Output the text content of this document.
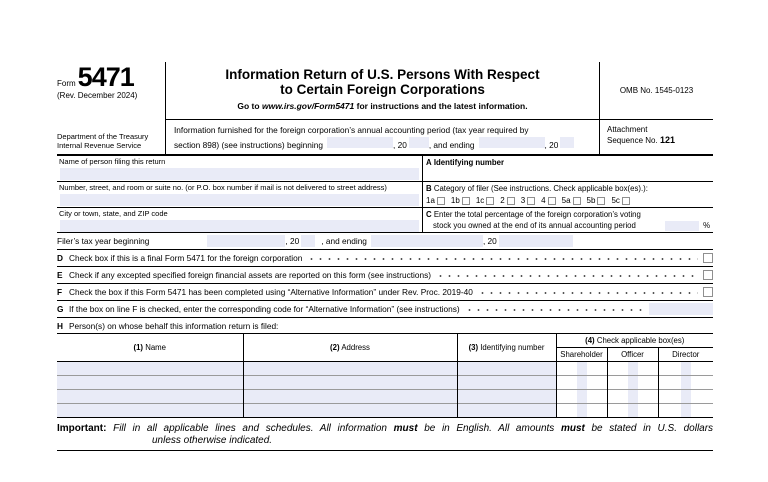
Form 5471
(Rev. December 2024)
Department of the Treasury
Internal Revenue Service
Information Return of U.S. Persons With Respect
to Certain Foreign Corporations
Go to www.irs.gov/Form5471 for instructions and the latest information.
Information furnished for the foreign corporation’s annual accounting period (tax year required by
section 898) (see instructions) beginning	, 20	, and ending	, 20
OMB No. 1545-0123
Attachment
Sequence No. 121
Name of person filing this return	A Identifying number
Number, street, and room or suite no. (or P.O. box number if mail is not delivered to street address)	B Category of filer (See instructions. Check applicable box(es).):
1a 1b 1c 2 3 4 5a 5b 5c
City or town, state, and ZIP code	C Enter the total percentage of the foreign corporation’s voting
stock you owned at the end of its annual accounting period	%
Filer’s tax year beginning	, 20	, and ending	, 20
D Check box if this is a final Form 5471 for the foreign corporation
E Check if any excepted specified foreign financial assets are reported on this form (see instructions)
F Check the box if this Form 5471 has been completed using “Alternative Information” under Rev. Proc. 2019-40
G If the box on line F is checked, enter the corresponding code for “Alternative Information” (see instructions)
H Person(s) on whose behalf this information return is filed:
(1) Name	(2) Address	(3) Identifying number	(4) Check applicable box(es)		
			Shareholder	Officer	Director

Important: Fill in all applicable lines and schedules. All information must be in English. All amounts must be stated in U.S. dollars
unless otherwise indicated.
